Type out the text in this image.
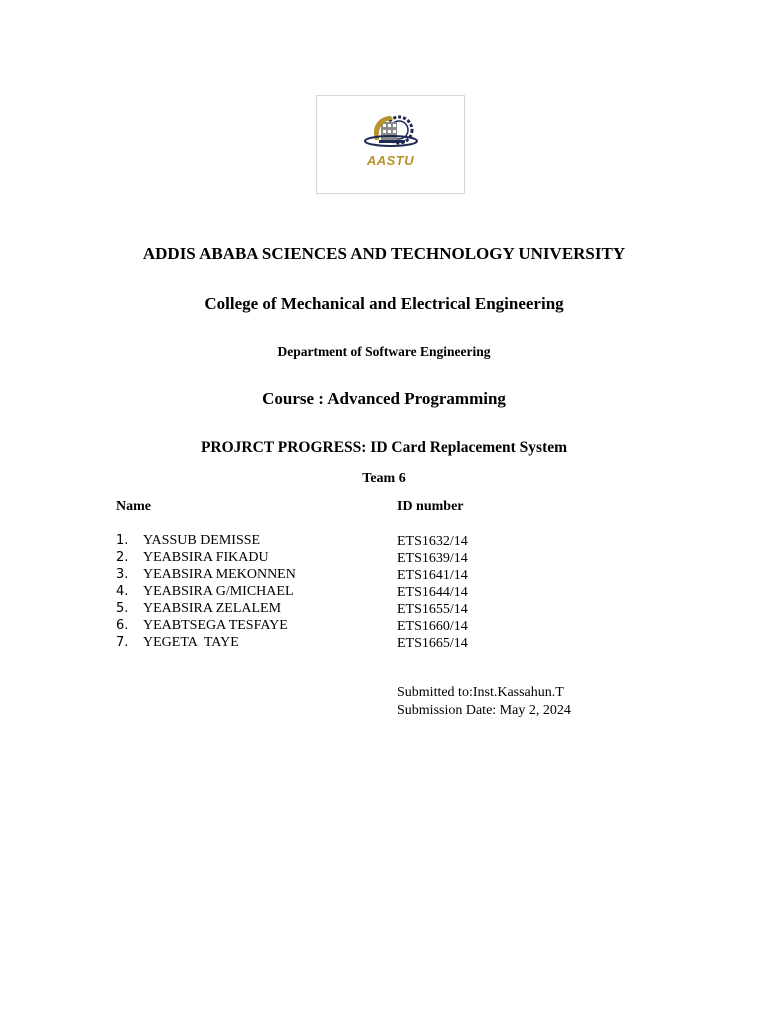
AASTU
ADDIS ABABA SCIENCES AND TECHNOLOGY UNIVERSITY
College of Mechanical and Electrical Engineering
Department of Software Engineering
Course : Advanced Programming
PROJRCT PROGRESS: ID Card Replacement System
Team 6
Name	ID number
1. YASSUB DEMISSE
2. YEABSIRA FIKADU
3. YEABSIRA MEKONNEN
4. YEABSIRA G/MICHAEL
5. YEABSIRA ZELALEM
6. YEABTSEGA TESFAYE
7. YEGETA  TAYE
ETS1632/14
ETS1639/14
ETS1641/14
ETS1644/14
ETS1655/14
ETS1660/14
ETS1665/14
Submitted to:Inst.Kassahun.T
Submission Date: May 2, 2024
